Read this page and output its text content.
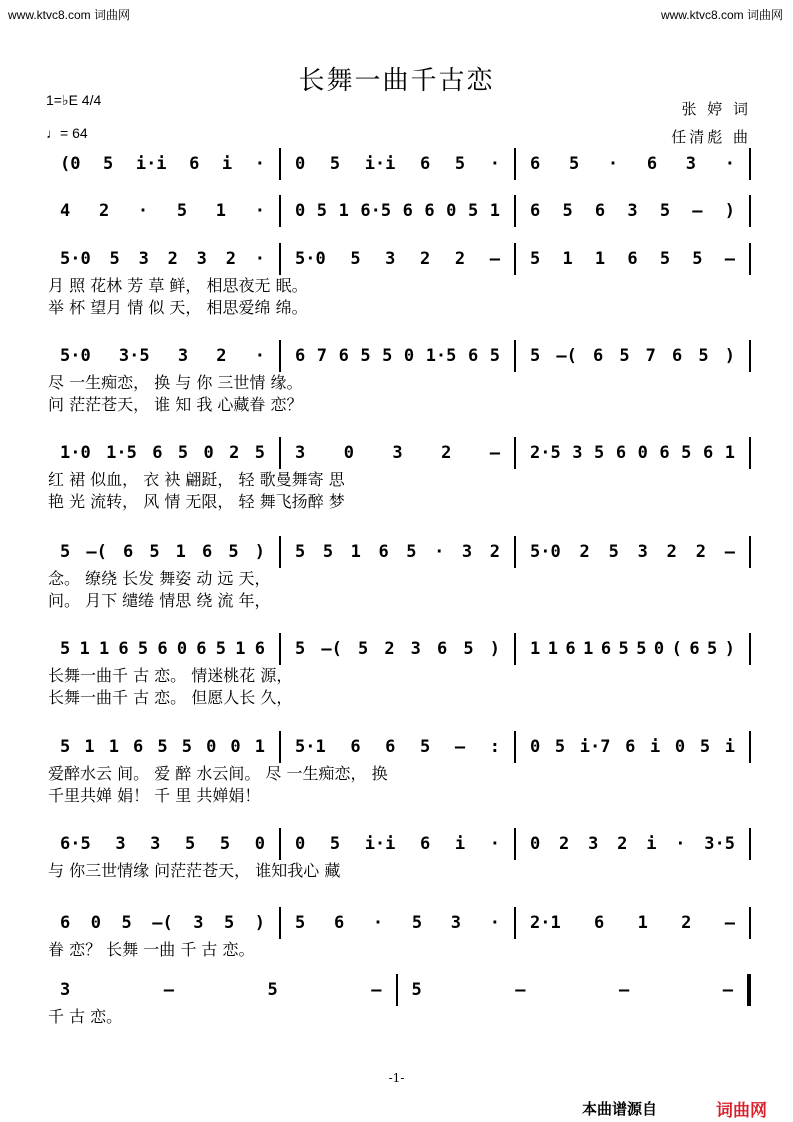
www.ktvc8.com 词曲网	www.ktvc8.com 词曲网
长舞一曲千古恋
1=♭E 4/4
♩= 64
张 婷 词
任清彪 曲
(0 5 i·i 6 i · 0 5 i·i 6 5 · 6 5 · 6 3 ·
4 2 · 5 1 · 0 5 1 6·5 6 6 0 5 1 6 5 6 3 5 – )
5·0 5 3 2 3 2 · 5·0 5 3 2 2 – 5 1 1 6 5 5 –
月 照 花林 芳 草 鲜， 相思夜无 眠。
举 杯 望月 情 似 天， 相思爱绵 绵。
5·0 3·5 3 2 · 6 7 6 5 5 0 1·5 6 5 5 –( 6 5 7 6 5 )
尽 一生痴恋， 换 与 你 三世情 缘。
问 茫茫苍天， 谁 知 我 心藏眷 恋？
1·0 1·5 6 5 0 2 5 3 0 3 2 – 2·5 3 5 6 0 6 5 6 1
红 裙 似血， 衣 袂 翩跹， 轻 歌曼舞寄 思
艳 光 流转， 风 情 无限， 轻 舞飞扬醉 梦
5 –( 6 5 1 6 5 ) 5 5 1 6 5 · 3 2 5·0 2 5 3 2 2 –
念。 缭绕 长发 舞姿 动 远 天，
问。 月下 缱绻 情思 绕 流 年，
5 1 1 6 5 6 0 6 5 1 6 5 –( 5 2 3 6 5 ) 1 1 6 1 6 5 5 0 ( 6 5 )
长舞一曲千 古 恋。 情迷桃花 源，
长舞一曲千 古 恋。 但愿人长 久，
5 1 1 6 5 5 0 0 1 5·1 6 6 5 – : 0 5 i·7 6 i 0 5 i
爱醉水云 间。 爱 醉 水云间。 尽 一生痴恋， 换
千里共婵 娟！ 千 里 共婵娟！
6·5 3 3 5 5 0 0 5 i·i 6 i · 0 2 3 2 i · 3·5
与 你三世情缘 问茫茫苍天， 谁知我心 藏
6 0 5 –( 3 5 ) 5 6 · 5 3 · 2·1 6 1 2 –
眷 恋？ 长舞 一曲 千 古 恋。
3	–	5	– 5	–	–	–
千 古 恋。
-1-
本曲谱源自	词曲网
